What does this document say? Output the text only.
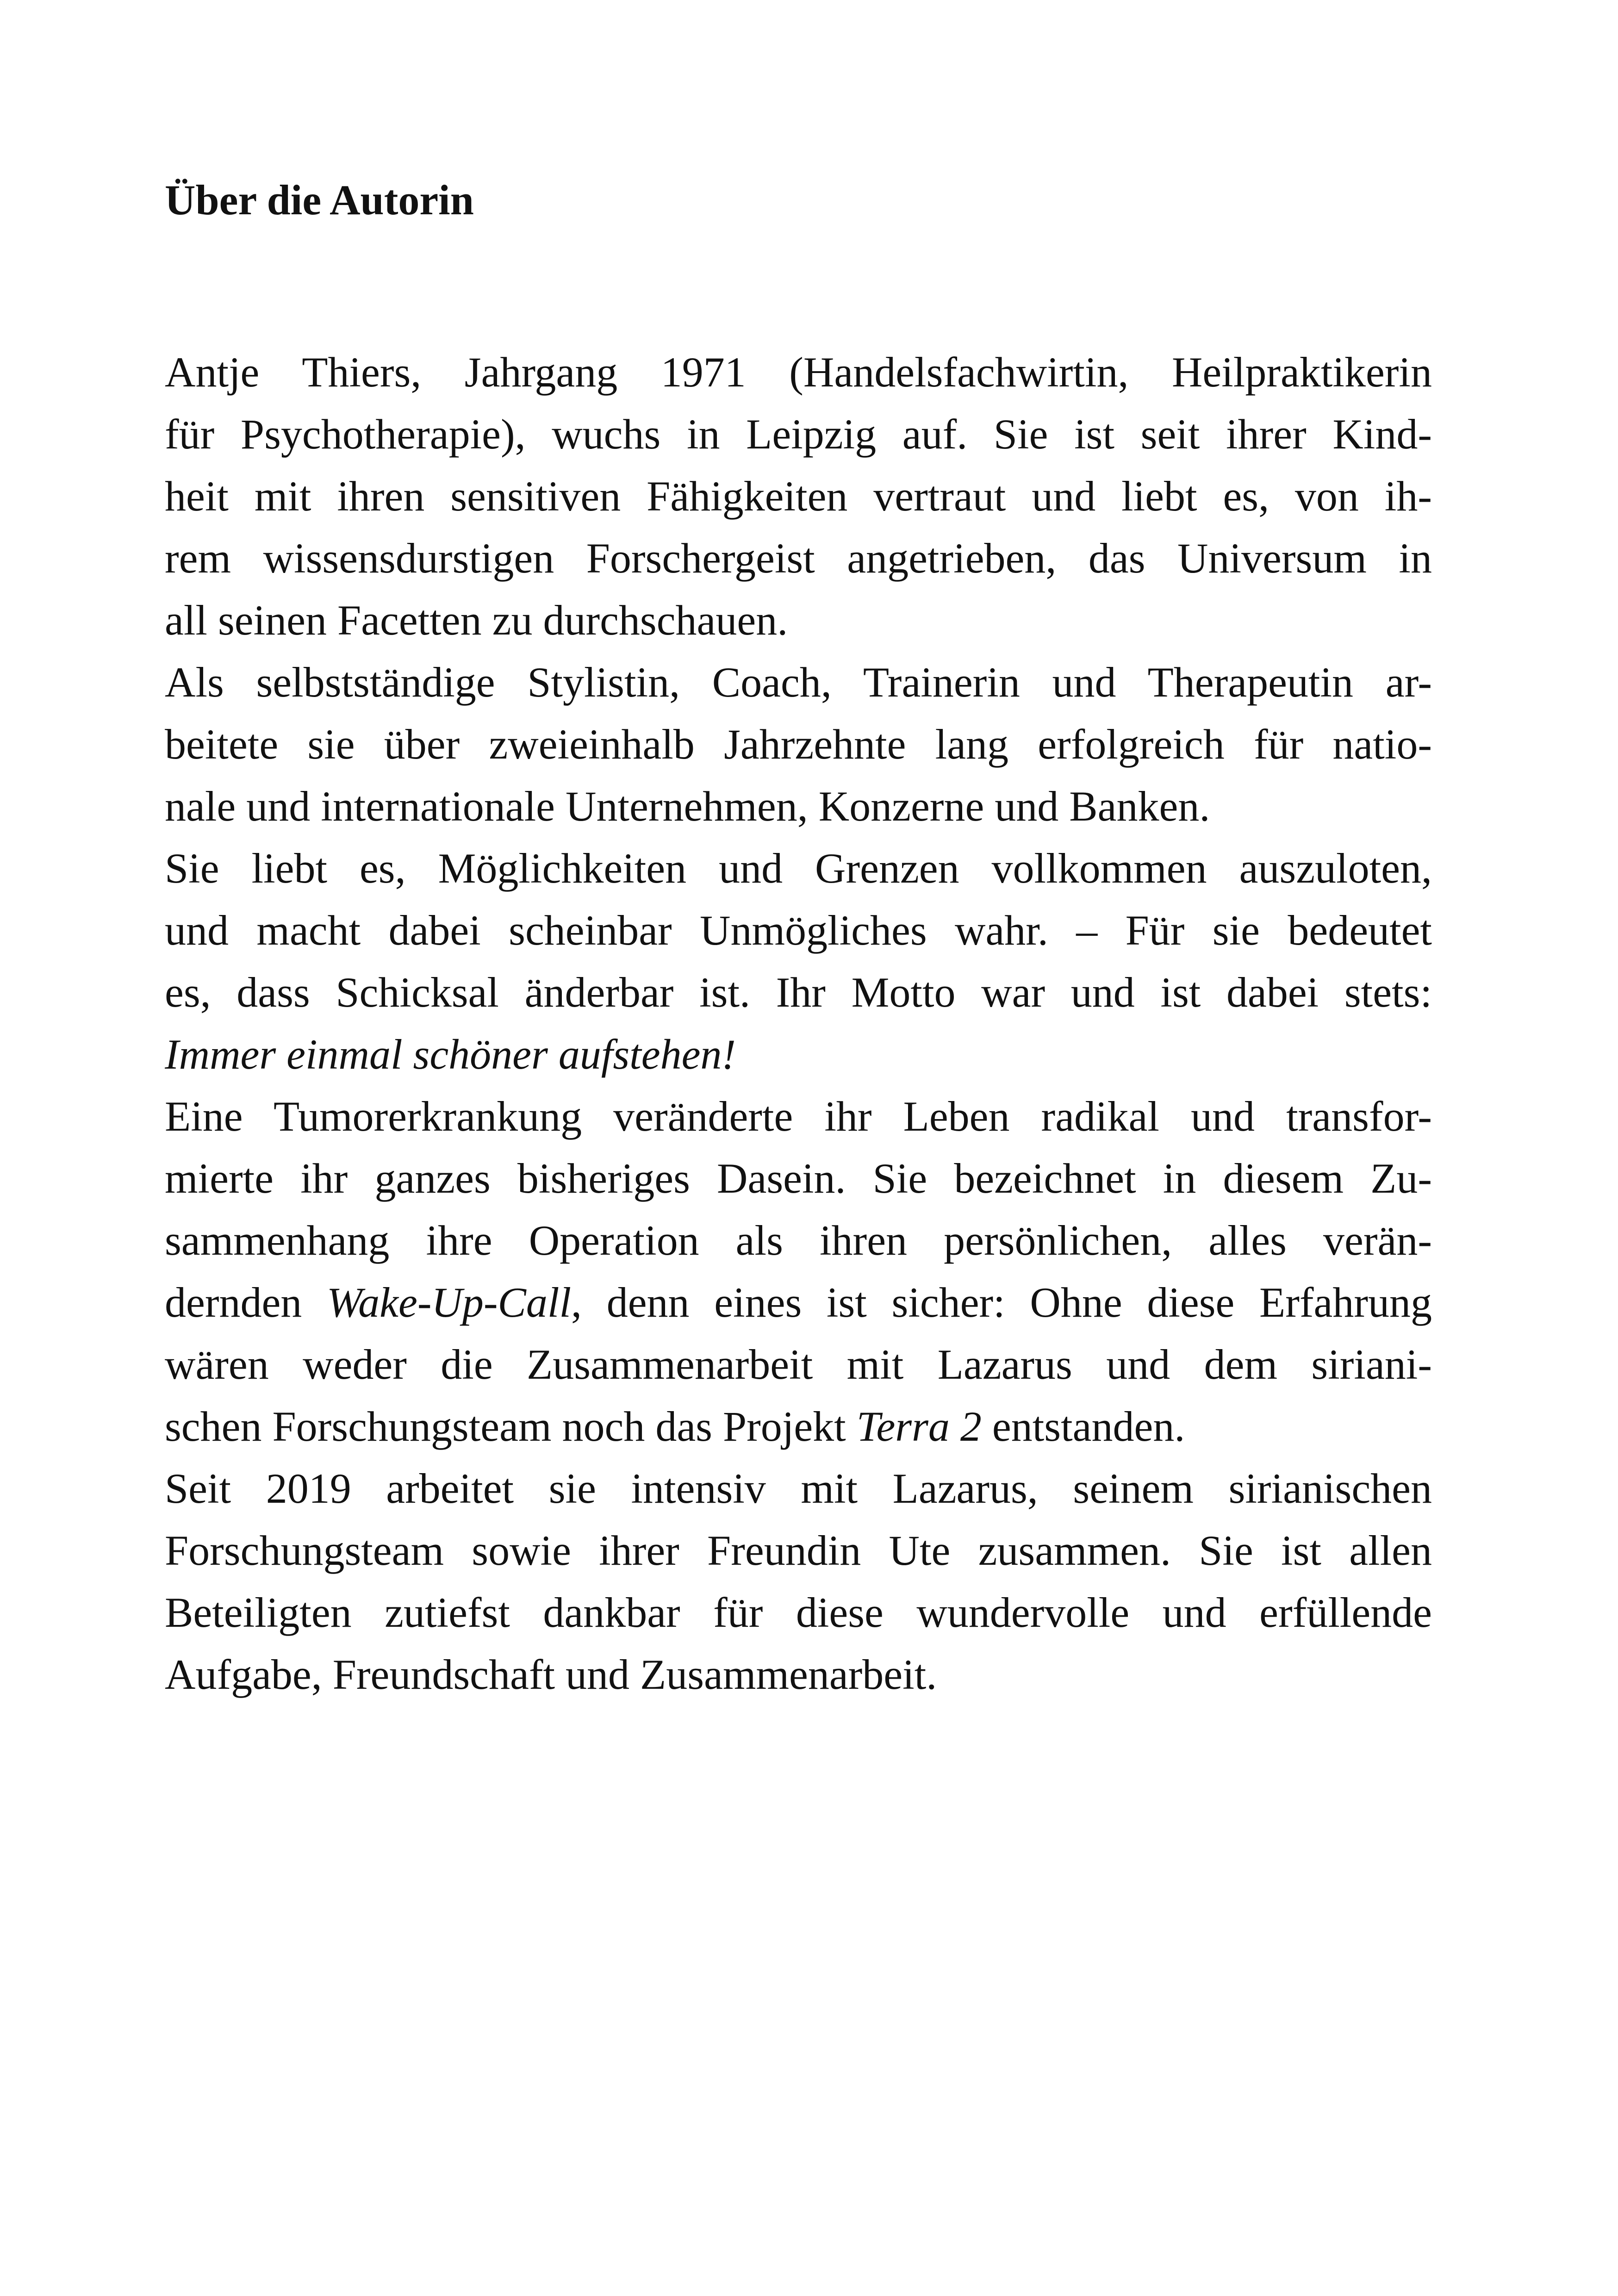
Über die Autorin
Antje Thiers, Jahrgang 1971 (Handelsfachwirtin, Heilpraktikerin
für Psychotherapie), wuchs in Leipzig auf. Sie ist seit ihrer Kind-
heit mit ihren sensitiven Fähigkeiten vertraut und liebt es, von ih-
rem wissensdurstigen Forschergeist angetrieben, das Universum in
all seinen Facetten zu durchschauen.
Als selbstständige Stylistin, Coach, Trainerin und Therapeutin ar-
beitete sie über zweieinhalb Jahrzehnte lang erfolgreich für natio-
nale und internationale Unternehmen, Konzerne und Banken.
Sie liebt es, Möglichkeiten und Grenzen vollkommen auszuloten,
und macht dabei scheinbar Unmögliches wahr. – Für sie bedeutet
es, dass Schicksal änderbar ist. Ihr Motto war und ist dabei stets:
Immer einmal schöner aufstehen!
Eine Tumorerkrankung veränderte ihr Leben radikal und transfor-
mierte ihr ganzes bisheriges Dasein. Sie bezeichnet in diesem Zu-
sammenhang ihre Operation als ihren persönlichen, alles verän-
dernden Wake-Up-Call, denn eines ist sicher: Ohne diese Erfahrung
wären weder die Zusammenarbeit mit Lazarus und dem siriani-
schen Forschungsteam noch das Projekt Terra 2 entstanden.
Seit 2019 arbeitet sie intensiv mit Lazarus, seinem sirianischen
Forschungsteam sowie ihrer Freundin Ute zusammen. Sie ist allen
Beteiligten zutiefst dankbar für diese wundervolle und erfüllende
Aufgabe, Freundschaft und Zusammenarbeit.
